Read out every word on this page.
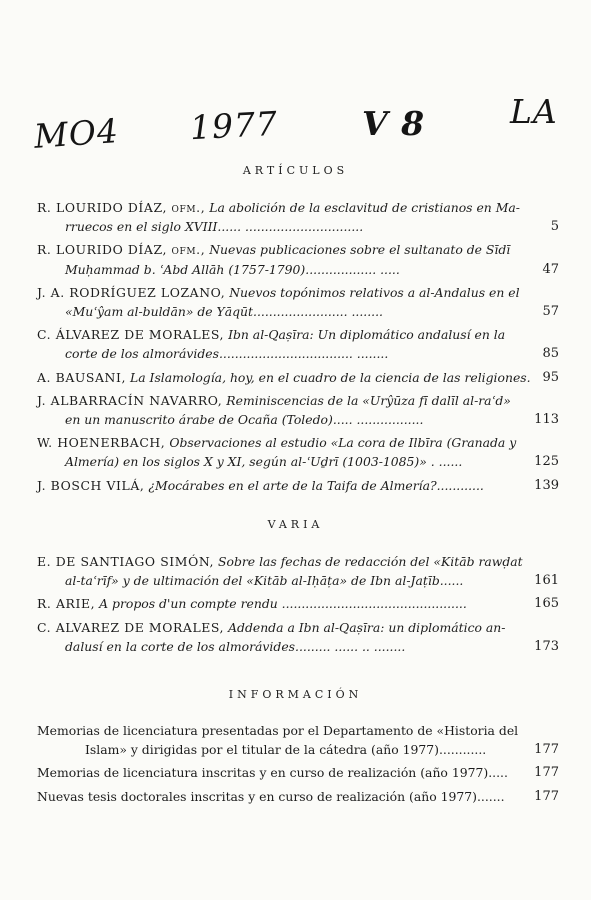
MO4 1977	V 8	LA
ARTÍCULOS
R. LOURIDO DÍAZ, ofm., La abolición de la esclavitud de cristianos en Ma-
rruecos en el siglo XVIII...... ..............................	5
R. LOURIDO DÍAZ, ofm., Nuevas publicaciones sobre el sultanato de Sīdī
Muḥammad b. ʿAbd Allāh (1757-1790).................. .....	47
J. A. RODRÍGUEZ LOZANO, Nuevos topónimos relativos a al-Andalus en el
«Muʿŷam al-buldān» de Yāqūt........................ ........	57
C. ÁLVAREZ DE MORALES, Ibn al-Qaṣīra: Un diplomático andalusí en la
corte de los almorávides.................................. ........	85
A. BAUSANI, La Islamología, hoy, en el cuadro de la ciencia de las religiones. 95
J. ALBARRACÍN NAVARRO, Reminiscencias de la «Urŷūza fī dalīl al-raʿd»
en un manuscrito árabe de Ocaña (Toledo)..... .................	113
W. HOENERBACH, Observaciones al estudio «La cora de Ilbīra (Granada y
Almería) en los siglos X y XI, según al-ʿUḏrī (1003-1085)» . ......	125
J. BOSCH VILÁ, ¿Mocárabes en el arte de la Taifa de Almería?............	139
VARIA
E. DE SANTIAGO SIMÓN, Sobre las fechas de redacción del «Kitāb rawḍat
al-taʿrīf» y de ultimación del «Kitāb al-Iḥāṭa» de Ibn al-Jaṭīb......	161
R. ARIE, A propos d'un compte rendu ...............................................	165
C. ALVAREZ DE MORALES, Addenda a Ibn al-Qaṣīra: un diplomático an-
dalusí en la corte de los almorávides......... ...... .. ........	173
INFORMACIÓN
Memorias de licenciatura presentadas por el Departamento de «Historia del
Islam» y dirigidas por el titular de la cátedra (año 1977)............	177
Memorias de licenciatura inscritas y en curso de realización (año 1977)..... 177
Nuevas tesis doctorales inscritas y en curso de realización (año 1977)....... 177
